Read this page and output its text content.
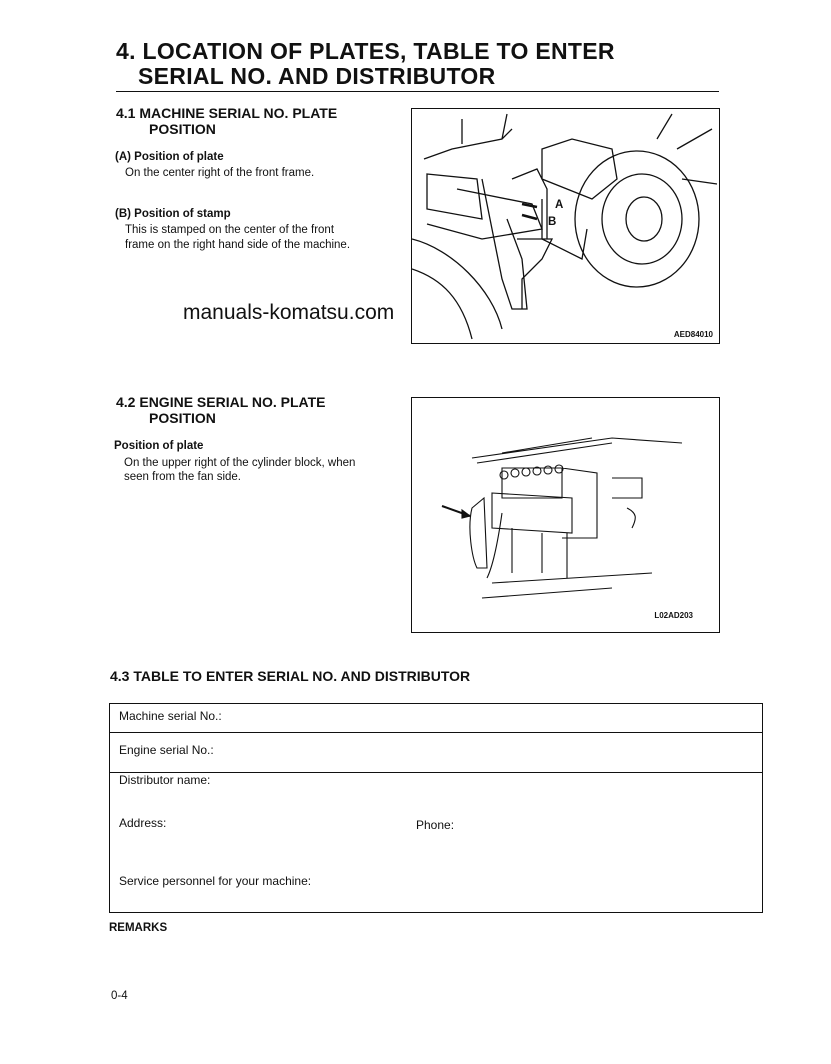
4. LOCATION OF PLATES, TABLE TO ENTER
SERIAL NO. AND DISTRIBUTOR
4.1 MACHINE SERIAL NO. PLATE
POSITION
(A) Position of plate
On the center right of the front frame.
(B) Position of stamp
This is stamped on the center of the front
frame on the right hand side of the machine.
A
B
AED84010
manuals-komatsu.com
4.2 ENGINE SERIAL NO. PLATE
POSITION
Position of plate
On the upper right of the cylinder block, when
seen from the fan side.
L02AD203
4.3 TABLE TO ENTER SERIAL NO. AND DISTRIBUTOR
Machine serial No.:
Engine serial No.:
Distributor name:
Address:	Phone:
Service personnel for your machine:
REMARKS
0-4
